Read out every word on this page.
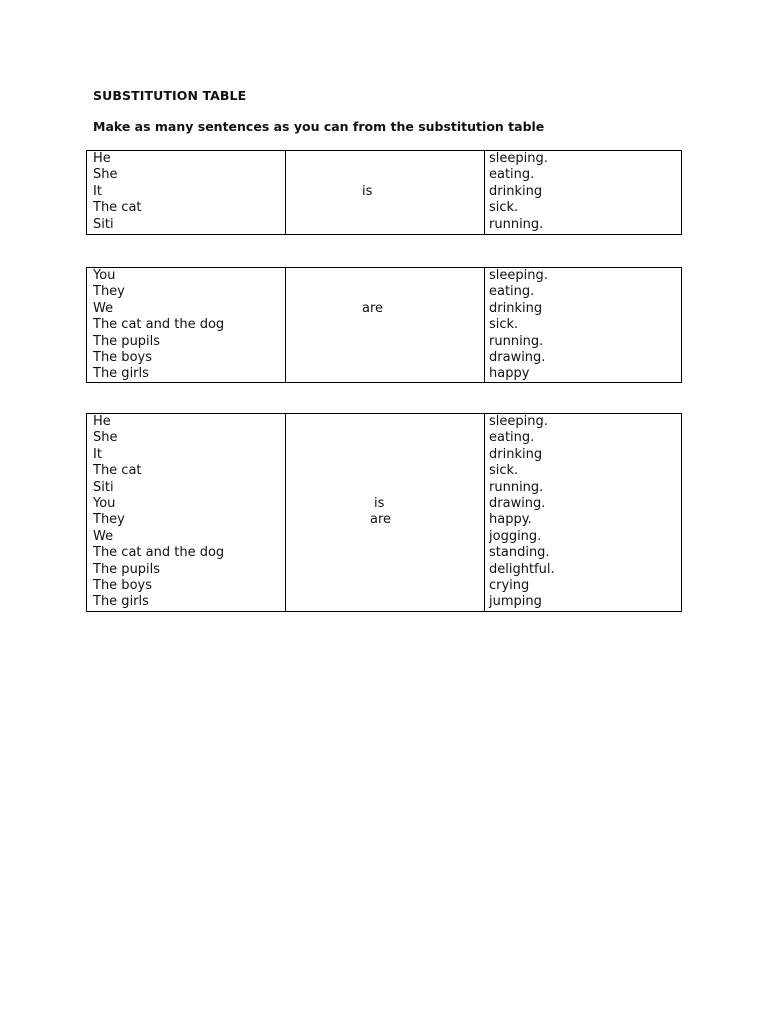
SUBSTITUTION TABLE
Make as many sentences as you can from the substitution table
He
She
It
The cat
Siti
is
sleeping.
eating.
drinking
sick.
running.
You
They
We
The cat and the dog
The pupils
The boys
The girls
are
sleeping.
eating.
drinking
sick.
running.
drawing.
happy
He
She
It
The cat
Siti
You
They
We
The cat and the dog
The pupils
The boys
The girls
is
are
sleeping.
eating.
drinking
sick.
running.
drawing.
happy.
jogging.
standing.
delightful.
crying
jumping
